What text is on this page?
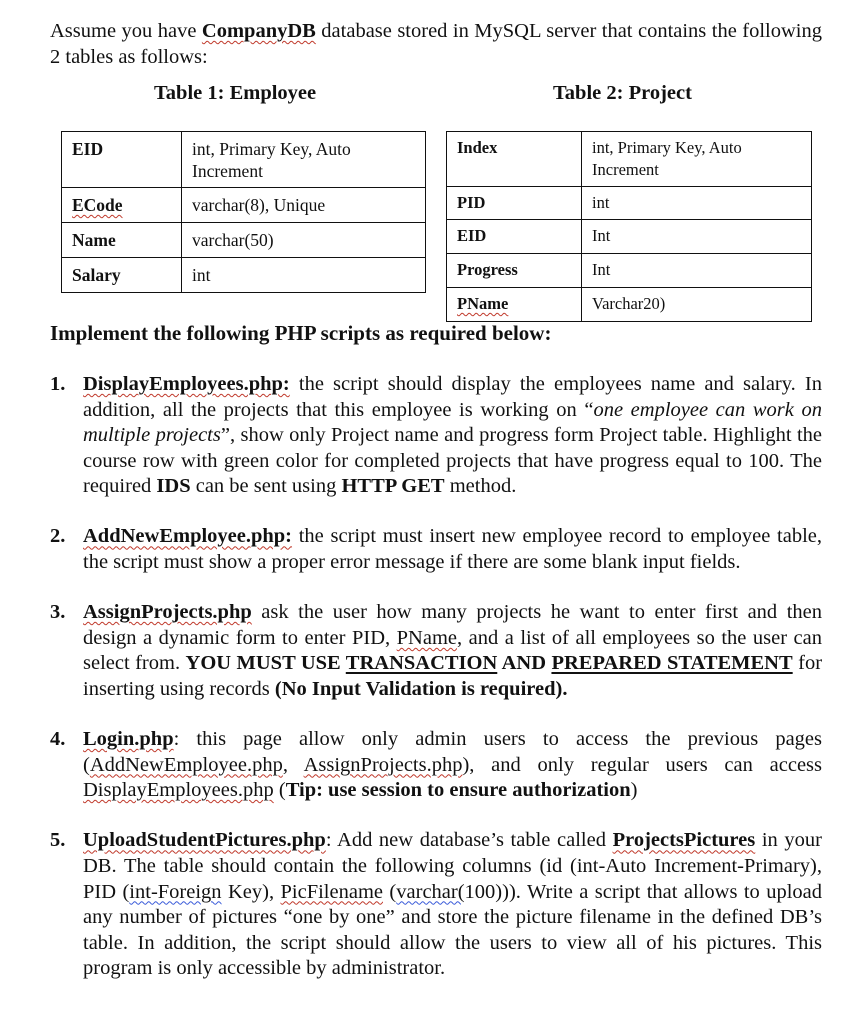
Assume you have CompanyDB database stored in MySQL server that contains the following 2 tables as follows:
Table 1: Employee	Table 2: Project
EID	int, Primary Key, Auto Increment
ECode	varchar(8), Unique
Name	varchar(50)
Salary	int
Index	int, Primary Key, Auto Increment
PID	int
EID	Int
Progress	Int
PName	Varchar20)
Implement the following PHP scripts as required below:
1. DisplayEmployees.php: the script should display the employees name and salary. In addition, all the projects that this employee is working on “one employee can work on multiple projects”, show only Project name and progress form Project table. Highlight the course row with green color for completed projects that have progress equal to 100. The required IDS can be sent using HTTP GET method.
2. AddNewEmployee.php: the script must insert new employee record to employee table, the script must show a proper error message if there are some blank input fields.
3. AssignProjects.php ask the user how many projects he want to enter first and then design a dynamic form to enter PID, PName, and a list of all employees so the user can select from. YOU MUST USE TRANSACTION AND PREPARED STATEMENT for inserting using records (No Input Validation is required).
4. Login.php: this page allow only admin users to access the previous pages (AddNewEmployee.php, AssignProjects.php), and only regular users can access DisplayEmployees.php (Tip: use session to ensure authorization)
5. UploadStudentPictures.php: Add new database’s table called ProjectsPictures in your DB. The table should contain the following columns (id (int-Auto Increment-Primary), PID (int-Foreign Key), PicFilename (varchar(100))). Write a script that allows to upload any number of pictures “one by one” and store the picture filename in the defined DB’s table. In addition, the script should allow the users to view all of his pictures. This program is only accessible by administrator.
